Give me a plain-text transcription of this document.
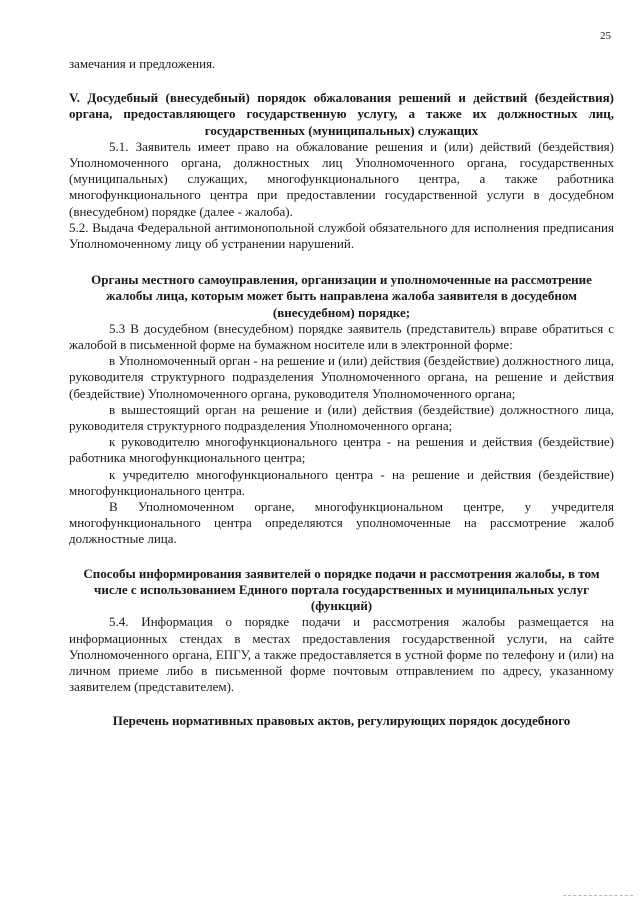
25

замечания и предложения.

V. Досудебный (внесудебный) порядок обжалования решений и действий (бездействия) органа, предоставляющего государственную услугу, а также их должностных лиц, государственных (муниципальных) служащих

5.1. Заявитель имеет право на обжалование решения и (или) действий (бездействия) Уполномоченного органа, должностных лиц Уполномоченного органа, государственных (муниципальных) служащих, многофункционального центра, а также работника многофункционального центра при предоставлении государственной услуги в досудебном (внесудебном) порядке (далее - жалоба).

5.2. Выдача Федеральной антимонопольной службой обязательного для исполнения предписания Уполномоченному лицу об устранении нарушений.

Органы местного самоуправления, организации и уполномоченные на рассмотрение жалобы лица, которым может быть направлена жалоба заявителя в досудебном (внесудебном) порядке;

5.3 В досудебном (внесудебном) порядке заявитель (представитель) вправе обратиться с жалобой в письменной форме на бумажном носителе или в электронной форме:

в Уполномоченный орган - на решение и (или) действия (бездействие) должностного лица, руководителя структурного подразделения Уполномоченного органа, на решение и действия (бездействие) Уполномоченного органа, руководителя Уполномоченного органа;

в вышестоящий орган на решение и (или) действия (бездействие) должностного лица, руководителя структурного подразделения Уполномоченного органа;

к руководителю многофункционального центра - на решения и действия (бездействие) работника многофункционального центра;

к учредителю многофункционального центра - на решение и действия (бездействие) многофункционального центра.

В Уполномоченном органе, многофункциональном центре, у учредителя многофункционального центра определяются уполномоченные на рассмотрение жалоб должностные лица.

Способы информирования заявителей о порядке подачи и рассмотрения жалобы, в том числе с использованием Единого портала государственных и муниципальных услуг (функций)

5.4. Информация о порядке подачи и рассмотрения жалобы размещается на информационных стендах в местах предоставления государственной услуги, на сайте Уполномоченного органа, ЕПГУ, а также предоставляется в устной форме по телефону и (или) на личном приеме либо в письменной форме почтовым отправлением по адресу, указанному заявителем (представителем).

Перечень нормативных правовых актов, регулирующих порядок досудебного
